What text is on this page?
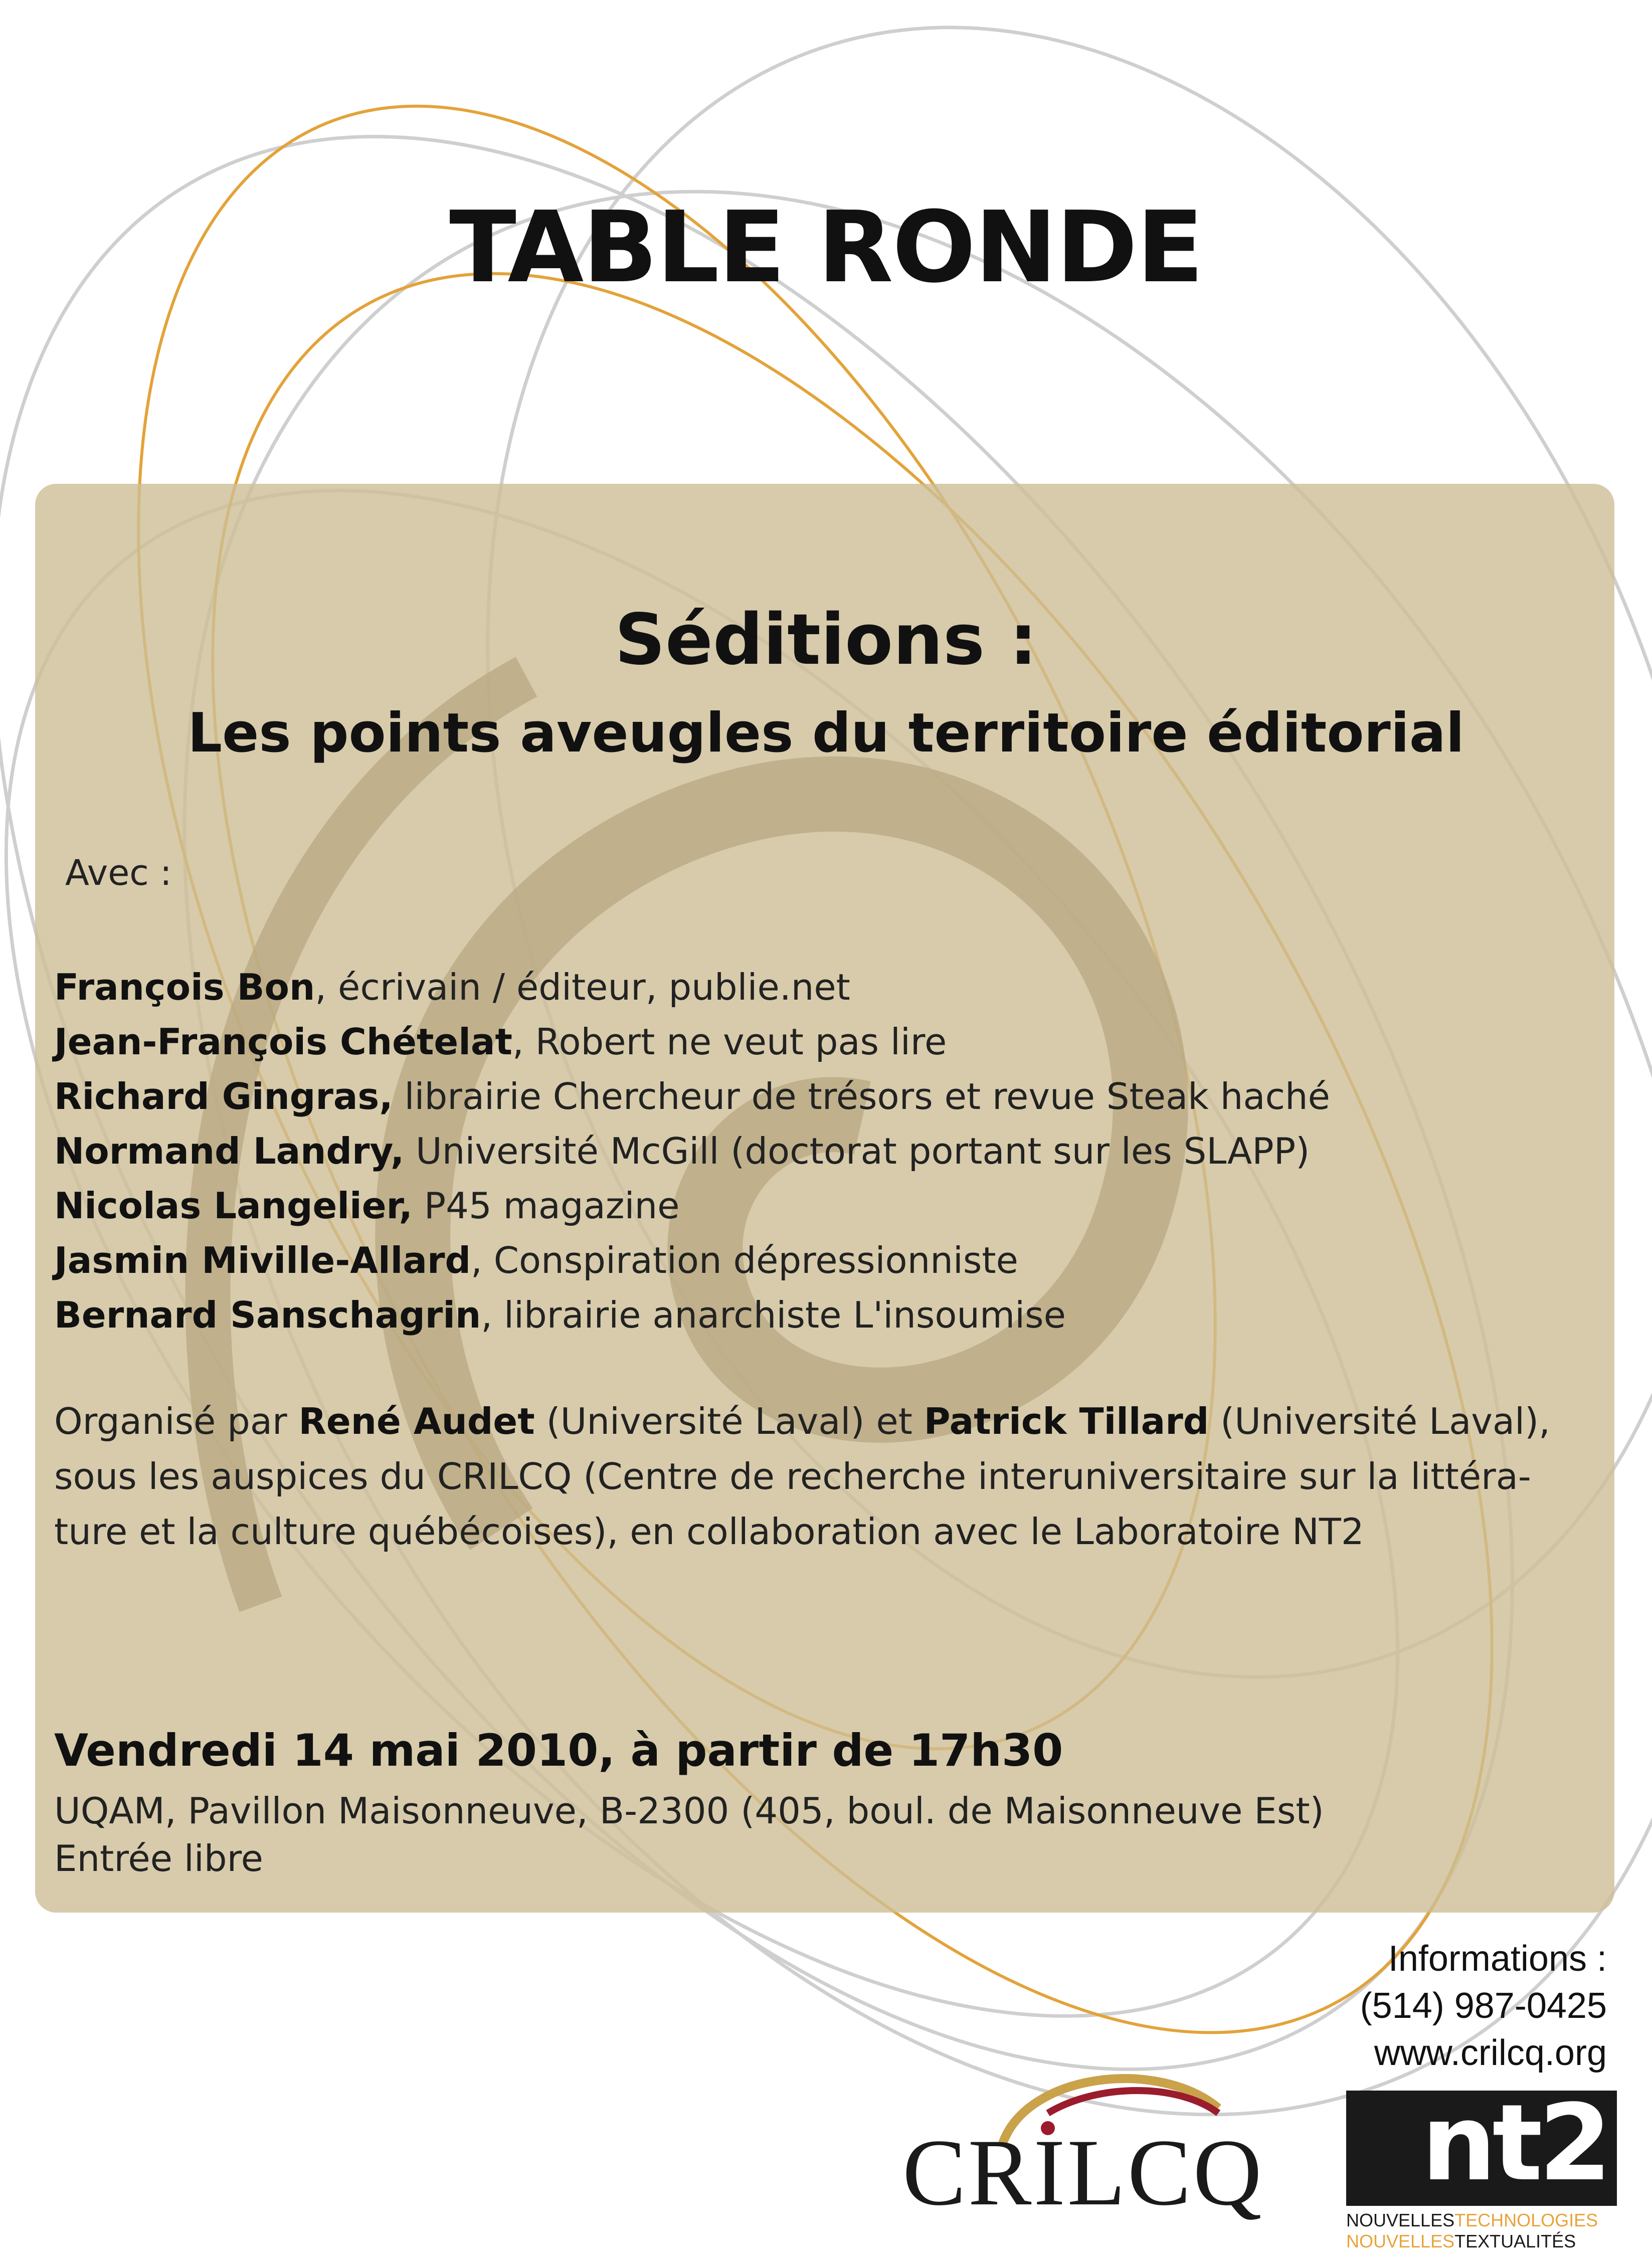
TABLE RONDE
Séditions :
Les points aveugles du territoire éditorial
Avec :
François Bon, écrivain / éditeur, publie.net
Jean-François Chételat, Robert ne veut pas lire
Richard Gingras, librairie Chercheur de trésors et revue Steak haché
Normand Landry, Université McGill (doctorat portant sur les SLAPP)
Nicolas Langelier, P45 magazine
Jasmin Miville-Allard, Conspiration dépressionniste
Bernard Sanschagrin, librairie anarchiste L'insoumise
Organisé par René Audet (Université Laval) et Patrick Tillard (Université Laval),
sous les auspices du CRILCQ (Centre de recherche interuniversitaire sur la littéra-
ture et la culture québécoises), en collaboration avec le Laboratoire NT2
Vendredi 14 mai 2010, à partir de 17h30
UQAM, Pavillon Maisonneuve, B-2300 (405, boul. de Maisonneuve Est)
Entrée libre
Informations :
(514) 987-0425
www.crilcq.org
CRILCQ nt2
NOUVELLESTECHNOLOGIES
NOUVELLESTEXTUALITÉS
